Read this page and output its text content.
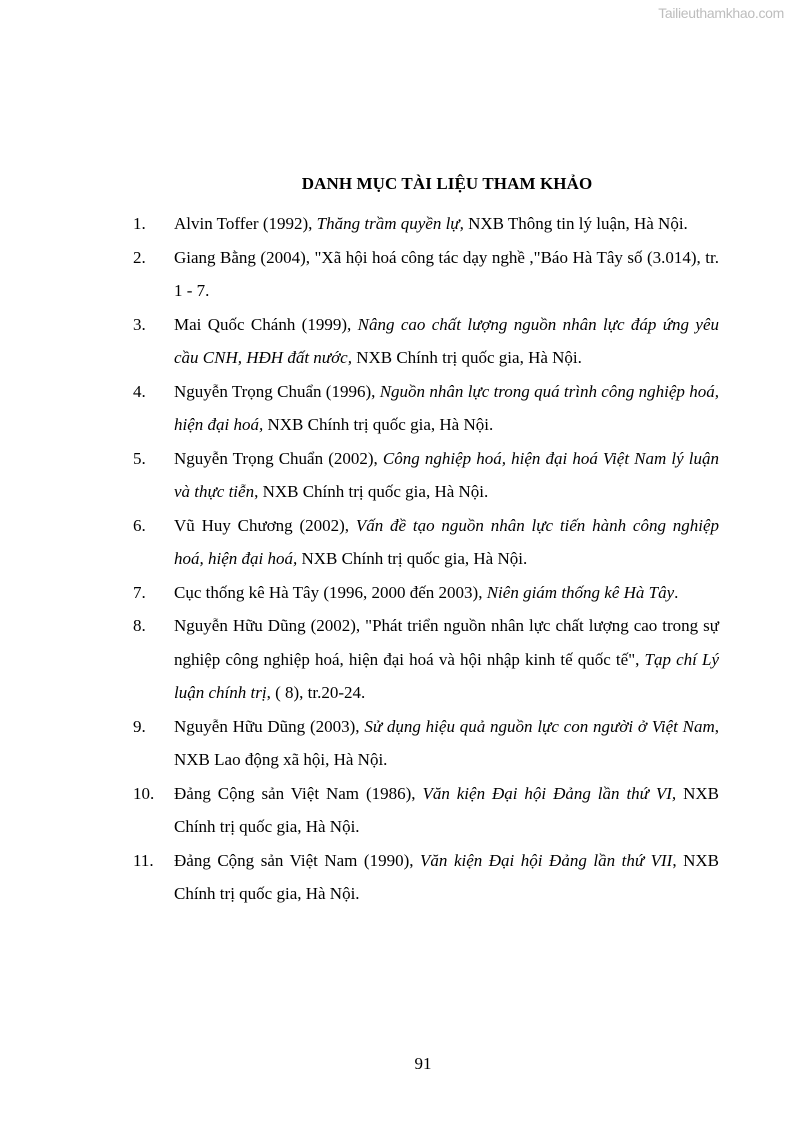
Tailieuthamkhao.com
DANH MỤC TÀI LIỆU THAM KHẢO
1. Alvin Toffer (1992), Thăng trầm quyền lự, NXB Thông tin lý luận, Hà Nội.
2. Giang Bằng (2004), "Xã hội hoá công tác dạy nghề ,"Báo Hà Tây số (3.014), tr. 1 - 7.
3. Mai Quốc Chánh (1999), Nâng cao chất lượng nguồn nhân lực đáp ứng yêu cầu CNH, HĐH đất nước, NXB Chính trị quốc gia, Hà Nội.
4. Nguyễn Trọng Chuẩn (1996), Nguồn nhân lực trong quá trình công nghiệp hoá, hiện đại hoá, NXB Chính trị quốc gia, Hà Nội.
5. Nguyễn Trọng Chuẩn (2002), Công nghiệp hoá, hiện đại hoá Việt Nam lý luận và thực tiễn, NXB Chính trị quốc gia, Hà Nội.
6. Vũ Huy Chương (2002), Vấn đề tạo nguồn nhân lực tiến hành công nghiệp hoá, hiện đại hoá, NXB Chính trị quốc gia, Hà Nội.
7. Cục thống kê Hà Tây (1996, 2000 đến 2003), Niên giám thống kê Hà Tây.
8. Nguyễn Hữu Dũng (2002), "Phát triển nguồn nhân lực chất lượng cao trong sự nghiệp công nghiệp hoá, hiện đại hoá và hội nhập kinh tế quốc tế", Tạp chí Lý luận chính trị, ( 8), tr.20-24.
9. Nguyễn Hữu Dũng (2003), Sử dụng hiệu quả nguồn lực con người ở Việt Nam, NXB Lao động xã hội, Hà Nội.
10. Đảng Cộng sản Việt Nam (1986), Văn kiện Đại hội Đảng lần thứ VI, NXB Chính trị quốc gia, Hà Nội.
11. Đảng Cộng sản Việt Nam (1990), Văn kiện Đại hội Đảng lần thứ VII, NXB Chính trị quốc gia, Hà Nội.
91
